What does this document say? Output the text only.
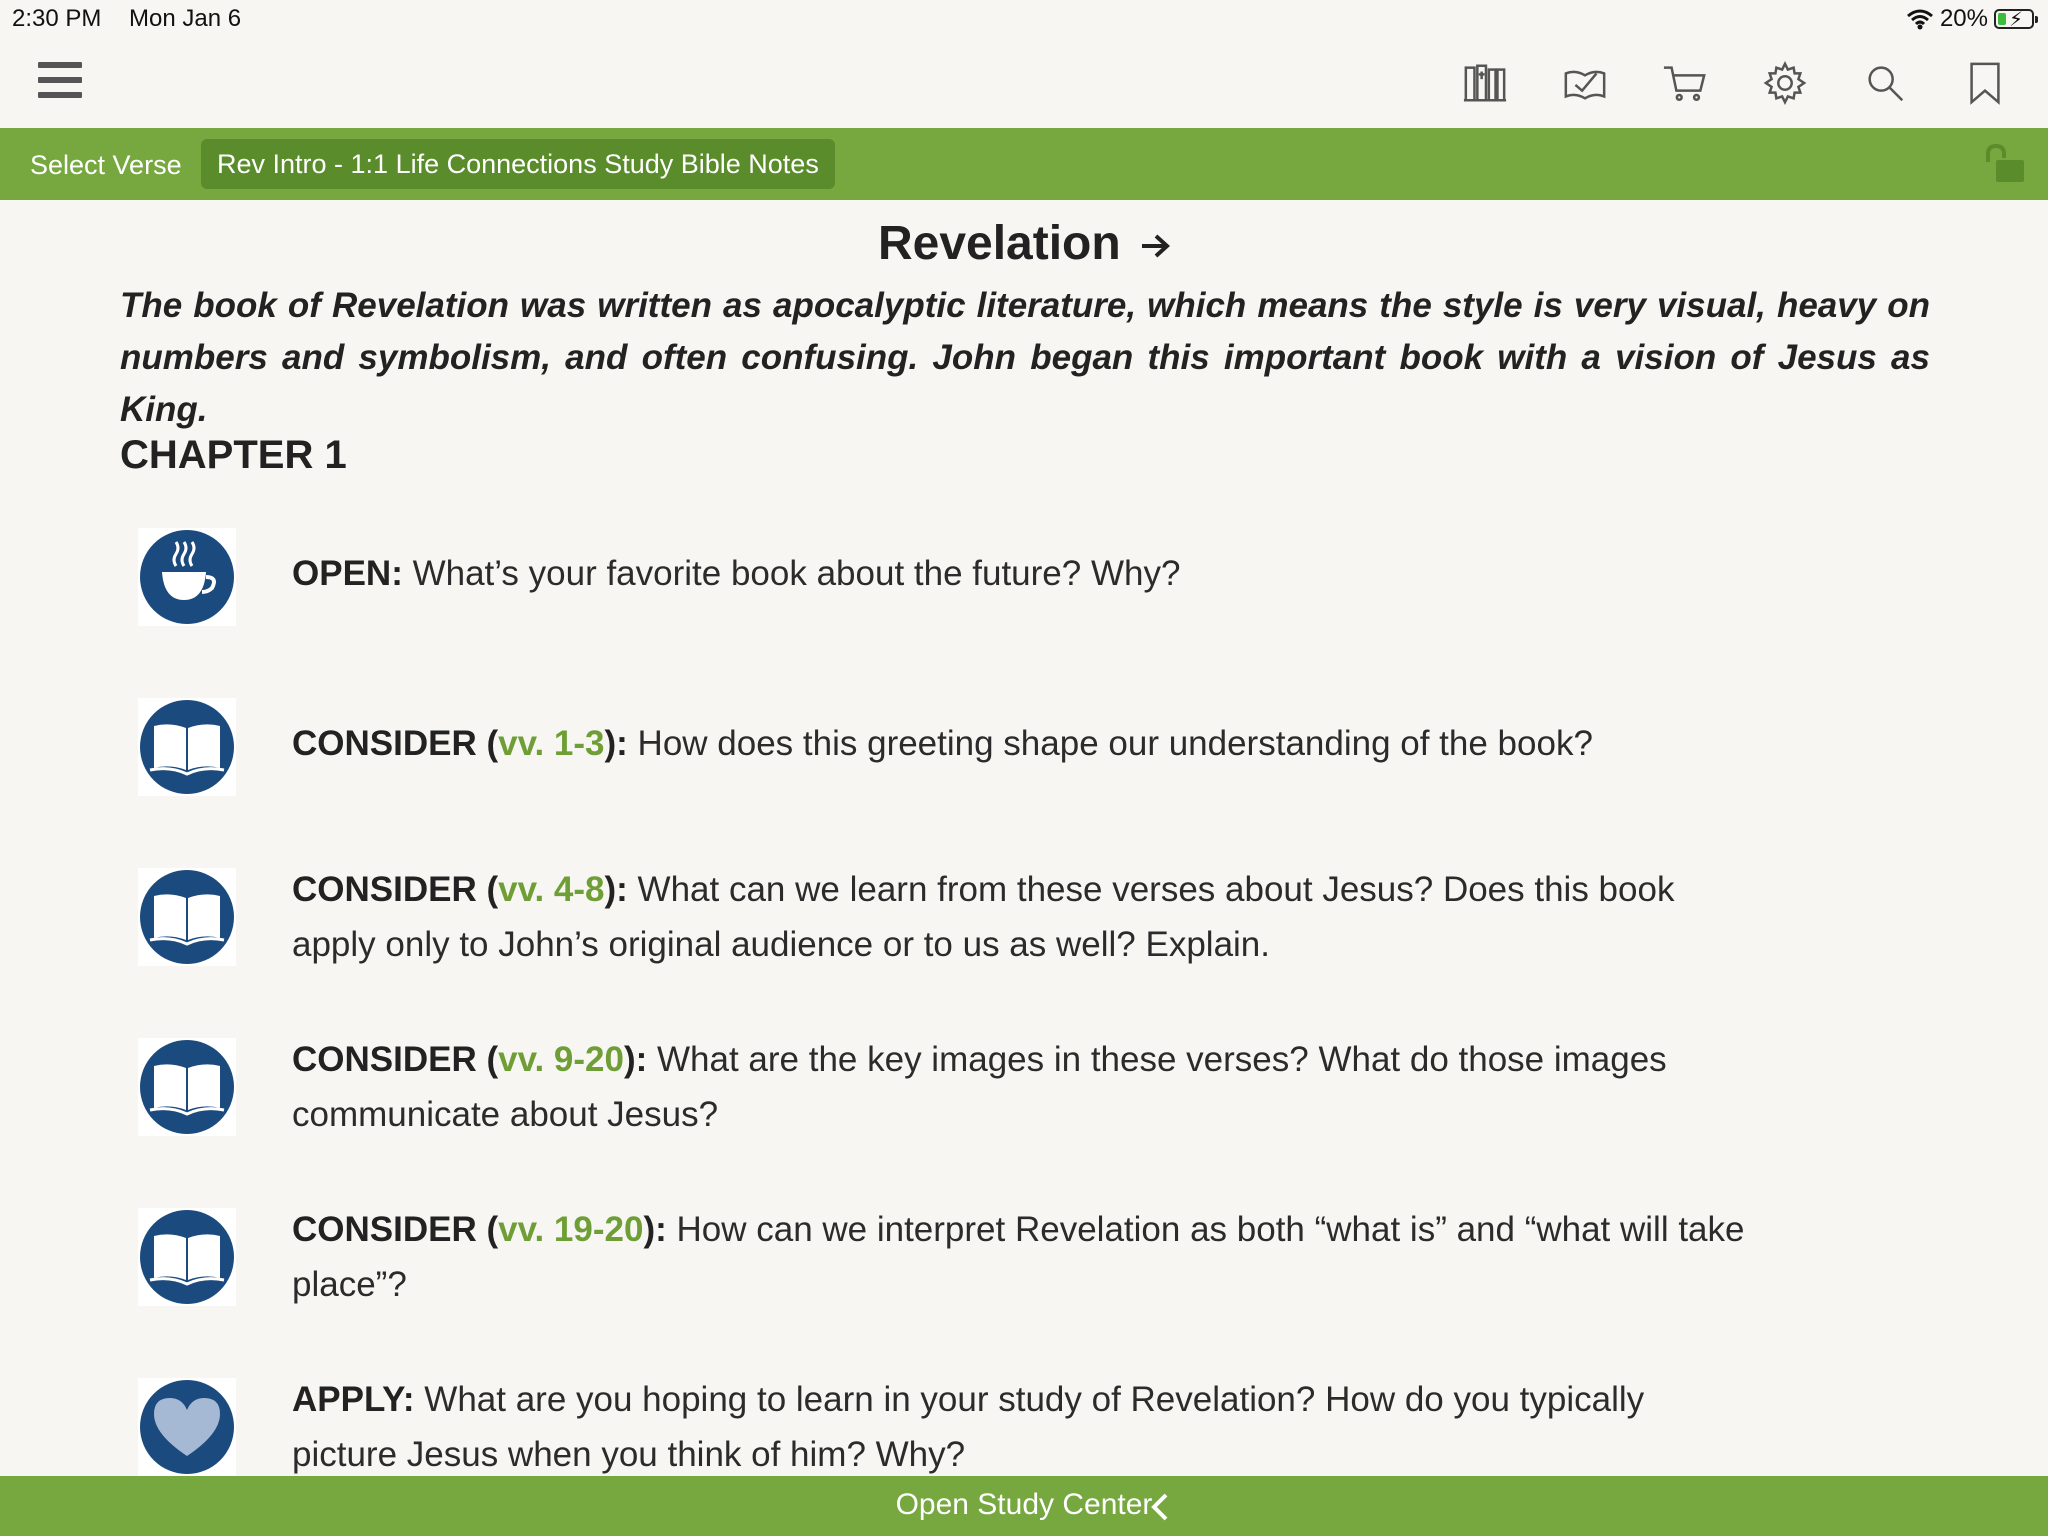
2:30 PM Mon Jan 6	20% ⚡
Select Verse	Rev Intro - 1:1 Life Connections Study Bible Notes
Revelation
The book of Revelation was written as apocalyptic literature, which means the style is very visual, heavy on numbers and symbolism, and often confusing. John began this important book with a vision of Jesus as King.
CHAPTER 1
OPEN: What’s your favorite book about the future? Why?
CONSIDER (vv. 1-3): How does this greeting shape our understanding of the book?
CONSIDER (vv. 4-8): What can we learn from these verses about Jesus? Does this book apply only to John’s original audience or to us as well? Explain.
CONSIDER (vv. 9-20): What are the key images in these verses? What do those images communicate about Jesus?
CONSIDER (vv. 19-20): How can we interpret Revelation as both “what is” and “what will take place”?
APPLY: What are you hoping to learn in your study of Revelation? How do you typically picture Jesus when you think of him? Why?
Open Study Center
